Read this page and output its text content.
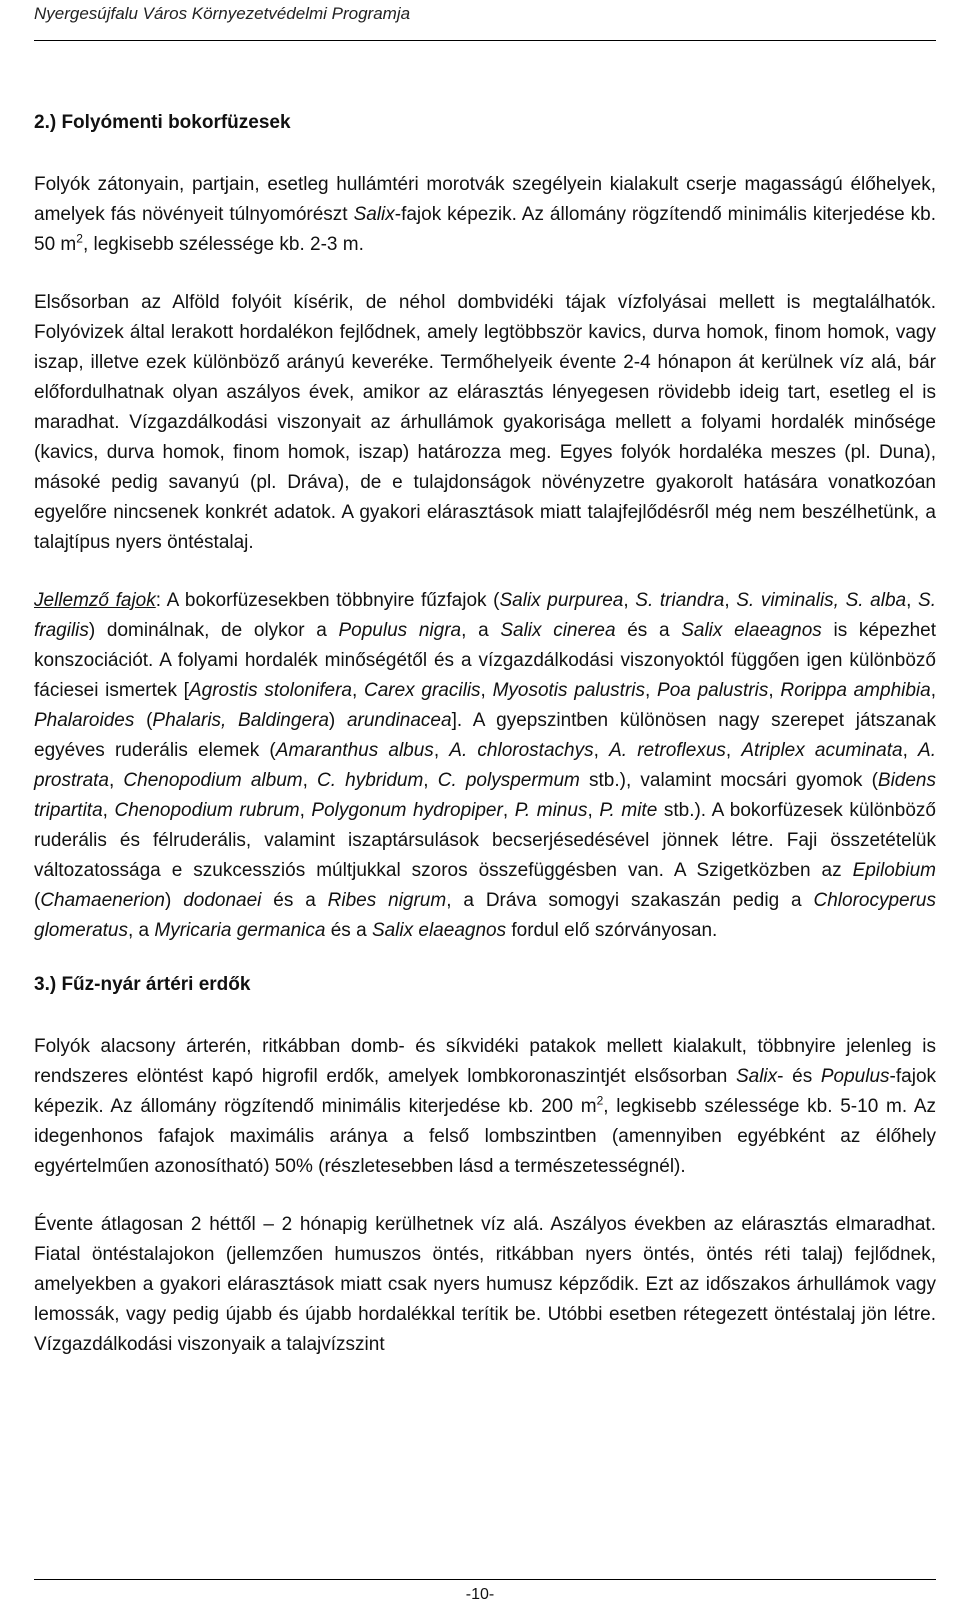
Nyergesújfalu Város Környezetvédelmi Programja

2.) Folyómenti bokorfüzesek

Folyók zátonyain, partjain, esetleg hullámtéri morotvák szegélyein kialakult cserje magasságú élőhelyek, amelyek fás növényeit túlnyomórészt Salix-fajok képezik. Az állomány rögzítendő minimális kiterjedése kb. 50 $m^2$, legkisebb szélessége kb. 2-3 m.

Elsősorban az Alföld folyóit kísérik, de néhol dombvidéki tájak vízfolyásai mellett is megtalálhatók. Folyóvizek által lerakott hordalékon fejlődnek, amely legtöbbször kavics, durva homok, finom homok, vagy iszap, illetve ezek különböző arányú keveréke. Termőhelyeik évente 2-4 hónapon át kerülnek víz alá, bár előfordulhatnak olyan aszályos évek, amikor az elárasztás lényegesen rövidebb ideig tart, esetleg el is maradhat. Vízgazdálkodási viszonyait az árhullámok gyakorisága mellett a folyami hordalék minősége (kavics, durva homok, finom homok, iszap) határozza meg. Egyes folyók hordaléka meszes (pl. Duna), másoké pedig savanyú (pl. Dráva), de e tulajdonságok növényzetre gyakorolt hatására vonatkozóan egyelőre nincsenek konkrét adatok. A gyakori elárasztások miatt talajfejlődésről még nem beszélhetünk, a talajtípus nyers öntéstalaj.

Jellemző fajok: A bokorfüzesekben többnyire fűzfajok (Salix purpurea, S. triandra, S. viminalis, S. alba, S. fragilis) dominálnak, de olykor a Populus nigra, a Salix cinerea és a Salix elaeagnos is képezhet konszociációt. A folyami hordalék minőségétől és a vízgazdálkodási viszonyoktól függően igen különböző fáciesei ismertek [Agrostis stolonifera, Carex gracilis, Myosotis palustris, Poa palustris, Rorippa amphibia, Phalaroides (Phalaris, Baldingera) arundinacea]. A gyepszintben különösen nagy szerepet játszanak egyéves ruderális elemek (Amaranthus albus, A. chlorostachys, A. retroflexus, Atriplex acuminata, A. prostrata, Chenopodium album, C. hybridum, C. polyspermum stb.), valamint mocsári gyomok (Bidens tripartita, Chenopodium rubrum, Polygonum hydropiper, P. minus, P. mite stb.). A bokorfüzesek különböző ruderális és félruderális, valamint iszaptársulások becserjésedésével jönnek létre. Faji összetételük változatossága e szukcessziós múltjukkal szoros összefüggésben van. A Szigetközben az Epilobium (Chamaenerion) dodonaei és a Ribes nigrum, a Dráva somogyi szakaszán pedig a Chlorocyperus glomeratus, a Myricaria germanica és a Salix elaeagnos fordul elő szórványosan.

3.) Fűz-nyár ártéri erdők

Folyók alacsony árterén, ritkábban domb- és síkvidéki patakok mellett kialakult, többnyire jelenleg is rendszeres elöntést kapó higrofil erdők, amelyek lombkoronaszintjét elsősorban Salix- és Populus-fajok képezik. Az állomány rögzítendő minimális kiterjedése kb. 200 $m^2$, legkisebb szélessége kb. 5-10 m. Az idegenhonos fafajok maximális aránya a felső lombszintben (amennyiben egyébként az élőhely egyértelműen azonosítható) 50% (részletesebben lásd a természetességnél).

Évente átlagosan 2 héttől – 2 hónapig kerülhetnek víz alá. Aszályos években az elárasztás elmaradhat. Fiatal öntéstalajokon (jellemzően humuszos öntés, ritkábban nyers öntés, öntés réti talaj) fejlődnek, amelyekben a gyakori elárasztások miatt csak nyers humusz képződik. Ezt az időszakos árhullámok vagy lemossák, vagy pedig újabb és újabb hordalékkal terítik be. Utóbbi esetben rétegezett öntéstalaj jön létre. Vízgazdálkodási viszonyaik a talajvízszint

-10-
